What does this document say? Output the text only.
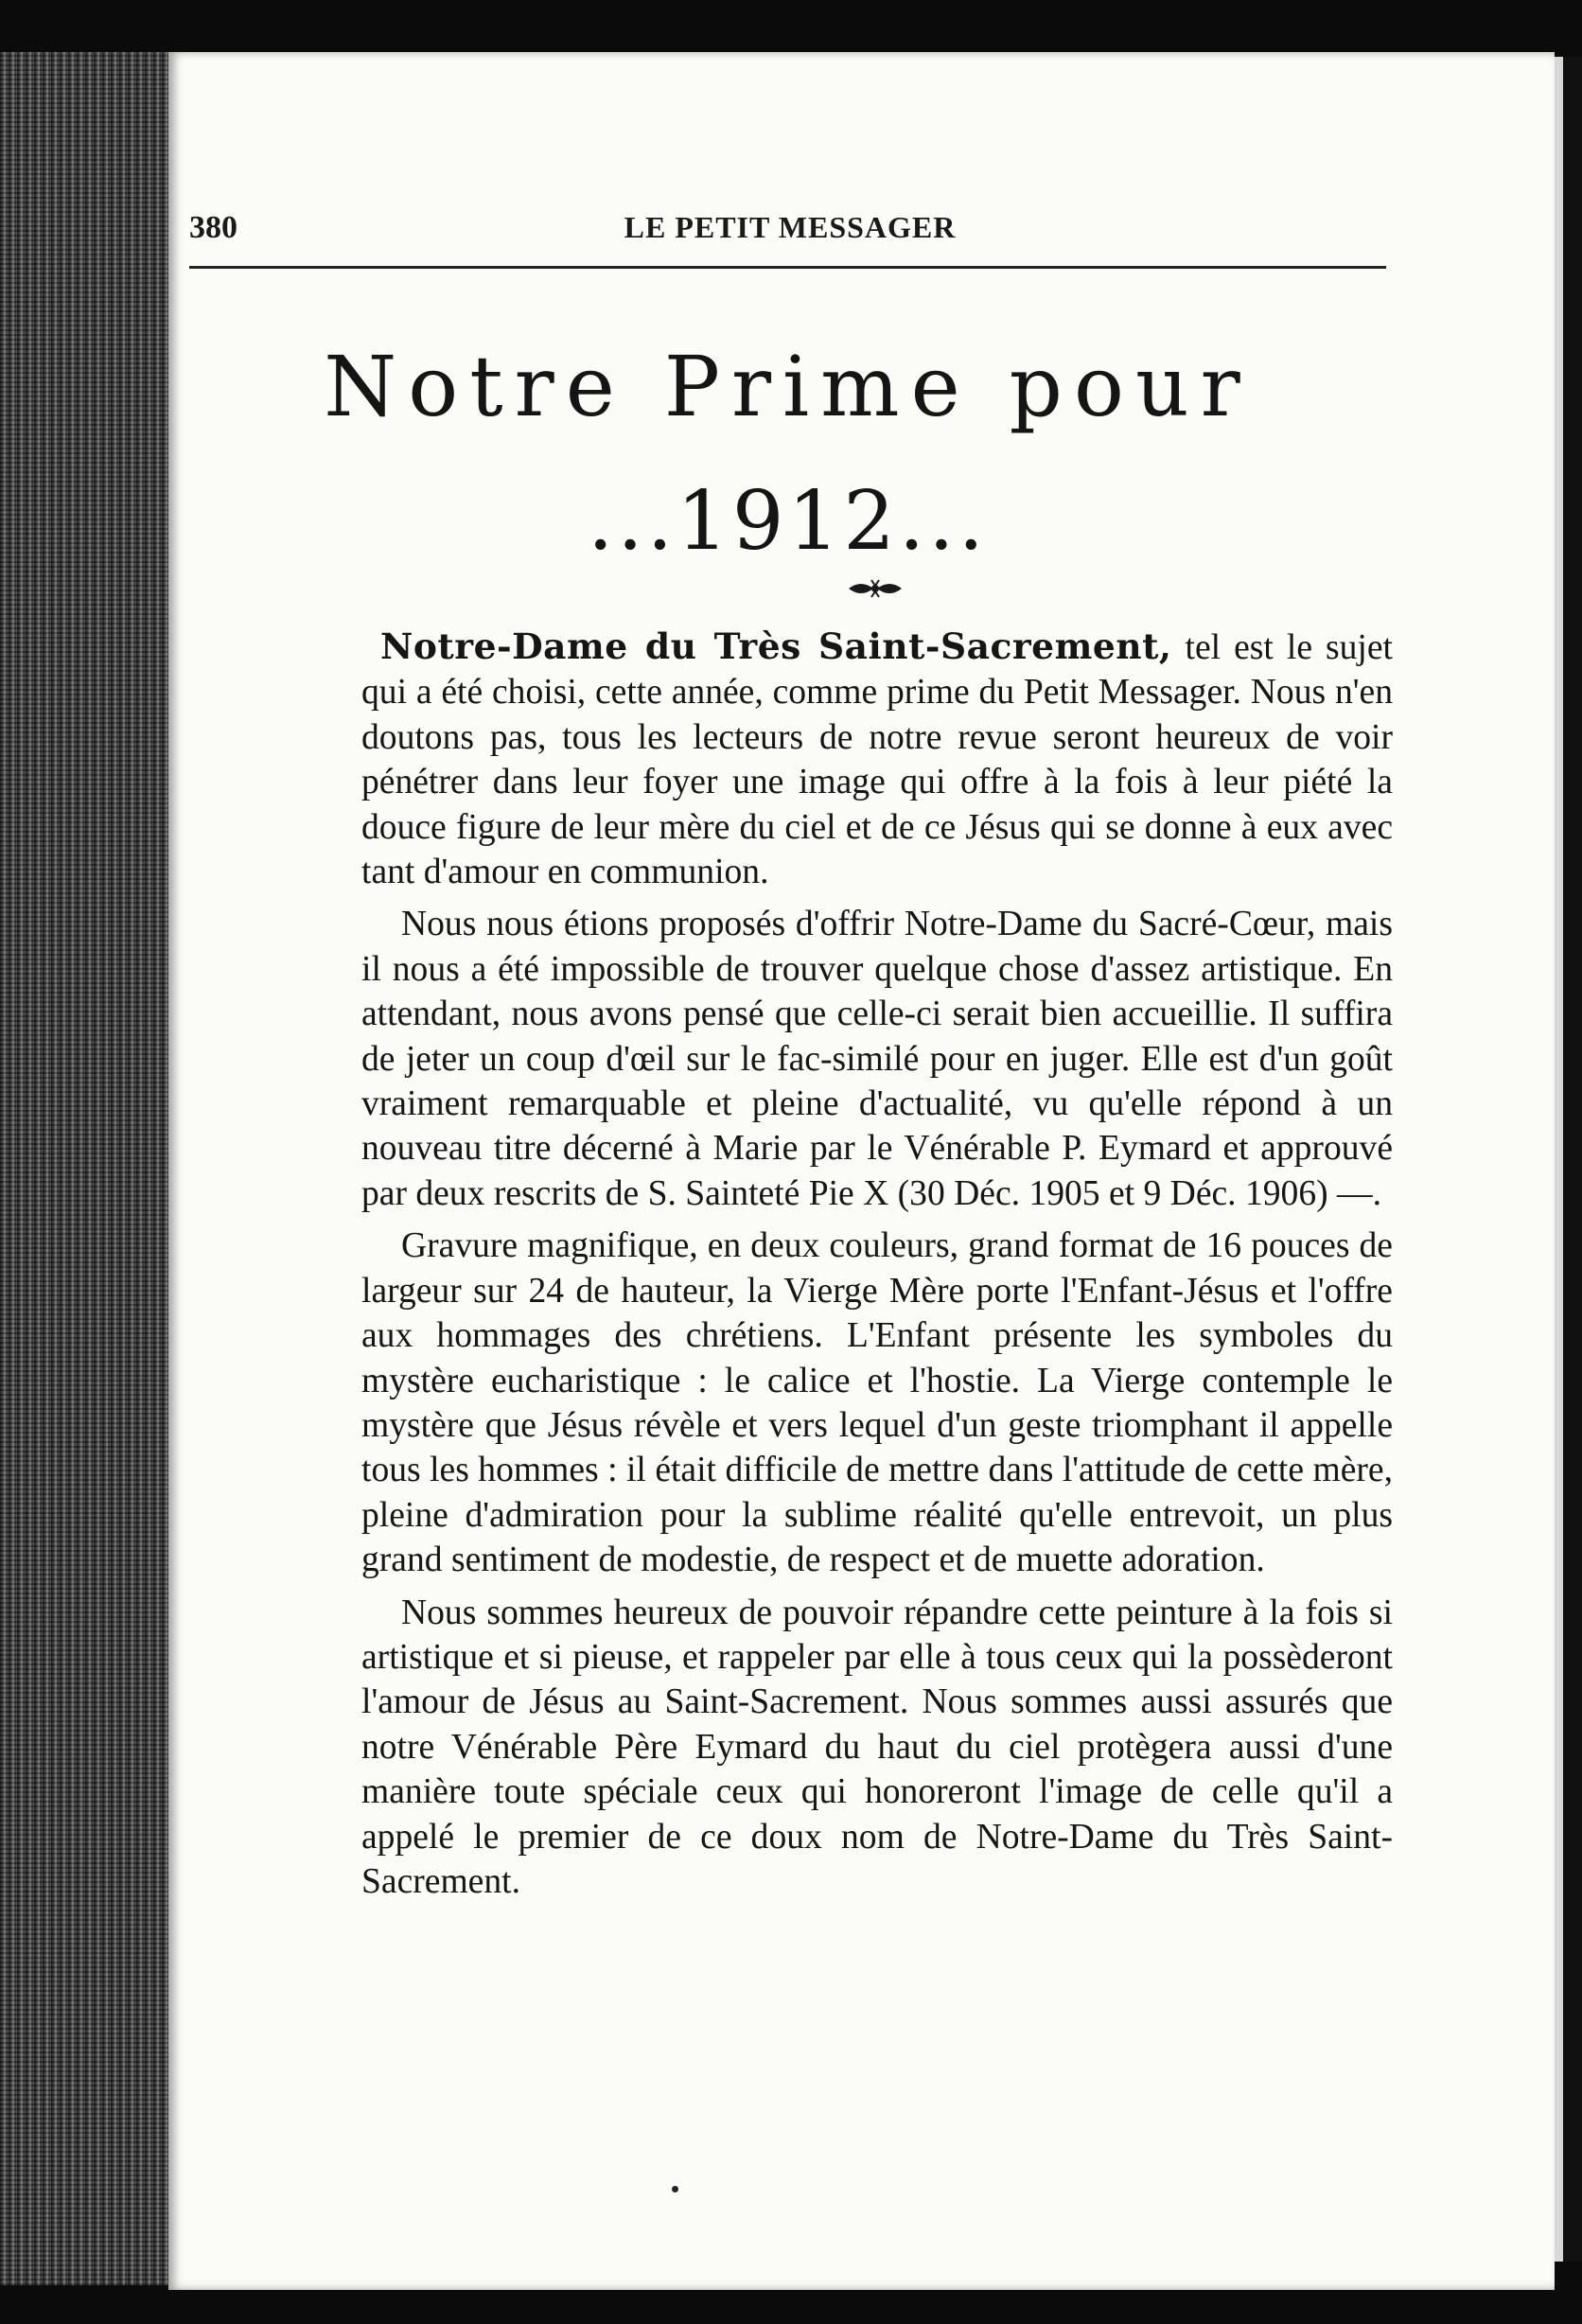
380	LE PETIT MESSAGER
Notre Prime pour
...1912...

Notre-Dame du Très Saint-Sacrement, tel est le sujet qui a été choisi, cette année, comme prime du Petit Messager. Nous n'en doutons pas, tous les lecteurs de notre revue seront heureux de voir pénétrer dans leur foyer une image qui offre à la fois à leur piété la douce figure de leur mère du ciel et de ce Jésus qui se donne à eux avec tant d'amour en communion.

Nous nous étions proposés d'offrir Notre-Dame du Sacré-Cœur, mais il nous a été impossible de trouver quelque chose d'assez artistique. En attendant, nous avons pensé que celle-ci serait bien accueillie. Il suffira de jeter un coup d'œil sur le fac-similé pour en juger. Elle est d'un goût vraiment remarquable et pleine d'actualité, vu qu'elle répond à un nouveau titre décerné à Marie par le Vénérable P. Eymard et approuvé par deux rescrits de S. Sainteté Pie X (30 Déc. 1905 et 9 Déc. 1906) —.

Gravure magnifique, en deux couleurs, grand format de 16 pouces de largeur sur 24 de hauteur, la Vierge Mère porte l'Enfant-Jésus et l'offre aux hommages des chrétiens. L'Enfant présente les symboles du mystère eucharistique : le calice et l'hostie. La Vierge contemple le mystère que Jésus révèle et vers lequel d'un geste triomphant il appelle tous les hommes : il était difficile de mettre dans l'attitude de cette mère, pleine d'admiration pour la sublime réalité qu'elle entrevoit, un plus grand sentiment de modestie, de respect et de muette adoration.

Nous sommes heureux de pouvoir répandre cette peinture à la fois si artistique et si pieuse, et rappeler par elle à tous ceux qui la possèderont l'amour de Jésus au Saint-Sacrement. Nous sommes aussi assurés que notre Vénérable Père Eymard du haut du ciel protègera aussi d'une manière toute spéciale ceux qui honoreront l'image de celle qu'il a appelé le premier de ce doux nom de Notre-Dame du Très Saint-Sacrement.
